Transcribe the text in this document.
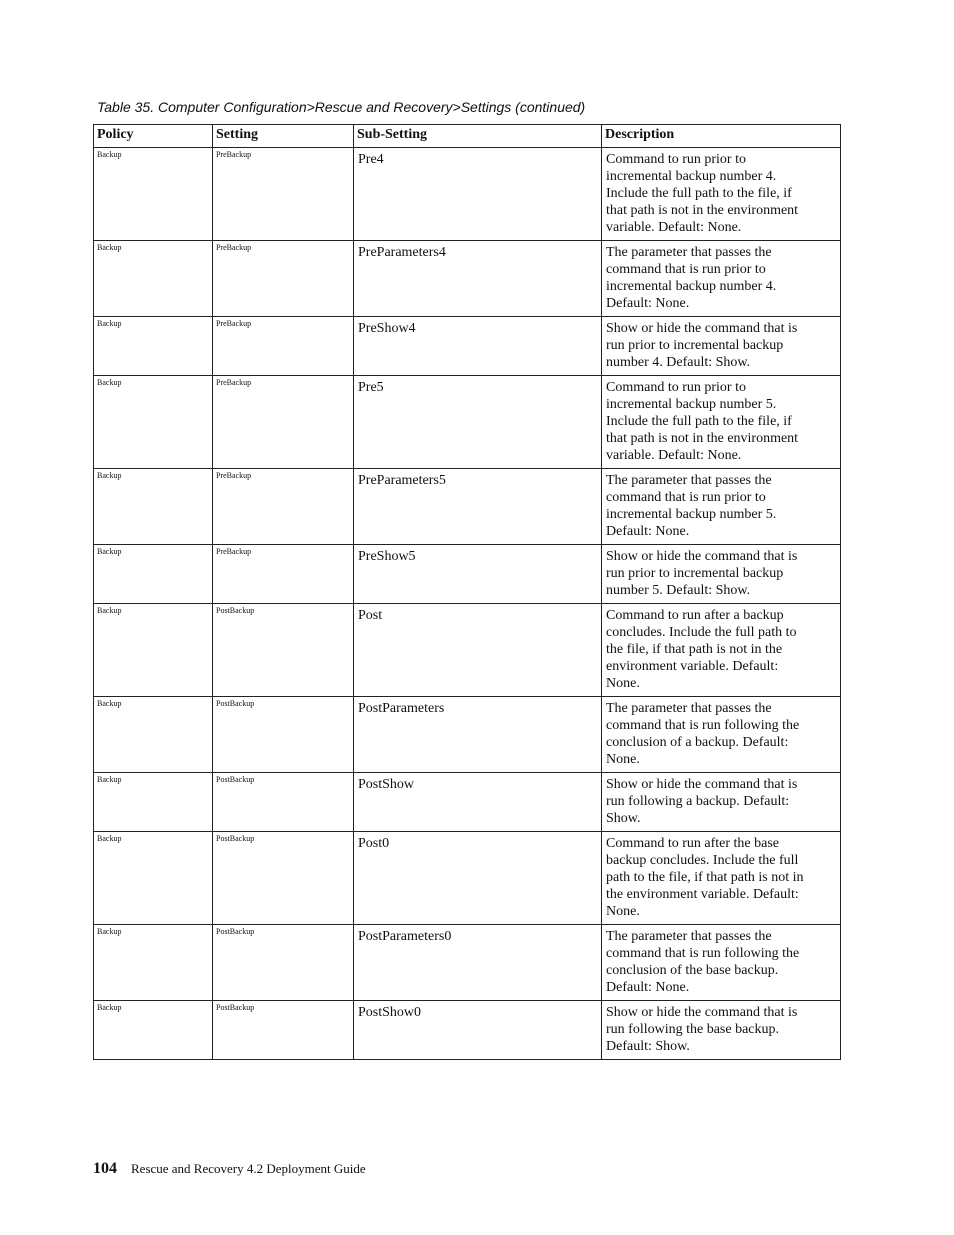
Table 35. Computer Configuration>Rescue and Recovery>Settings (continued)
Policy	Setting	Sub-Setting	Description
Backup	PreBackup	Pre4	Command to run prior to
incremental backup number 4.
Include the full path to the file, if
that path is not in the environment
variable. Default: None.
Backup	PreBackup	PreParameters4	The parameter that passes the
command that is run prior to
incremental backup number 4.
Default: None.
Backup	PreBackup	PreShow4	Show or hide the command that is
run prior to incremental backup
number 4. Default: Show.
Backup	PreBackup	Pre5	Command to run prior to
incremental backup number 5.
Include the full path to the file, if
that path is not in the environment
variable. Default: None.
Backup	PreBackup	PreParameters5	The parameter that passes the
command that is run prior to
incremental backup number 5.
Default: None.
Backup	PreBackup	PreShow5	Show or hide the command that is
run prior to incremental backup
number 5. Default: Show.
Backup	PostBackup	Post	Command to run after a backup
concludes. Include the full path to
the file, if that path is not in the
environment variable. Default:
None.
Backup	PostBackup	PostParameters	The parameter that passes the
command that is run following the
conclusion of a backup. Default:
None.
Backup	PostBackup	PostShow	Show or hide the command that is
run following a backup. Default:
Show.
Backup	PostBackup	Post0	Command to run after the base
backup concludes. Include the full
path to the file, if that path is not in
the environment variable. Default:
None.
Backup	PostBackup	PostParameters0	The parameter that passes the
command that is run following the
conclusion of the base backup.
Default: None.
Backup	PostBackup	PostShow0	Show or hide the command that is
run following the base backup.
Default: Show.
104 Rescue and Recovery 4.2 Deployment Guide
